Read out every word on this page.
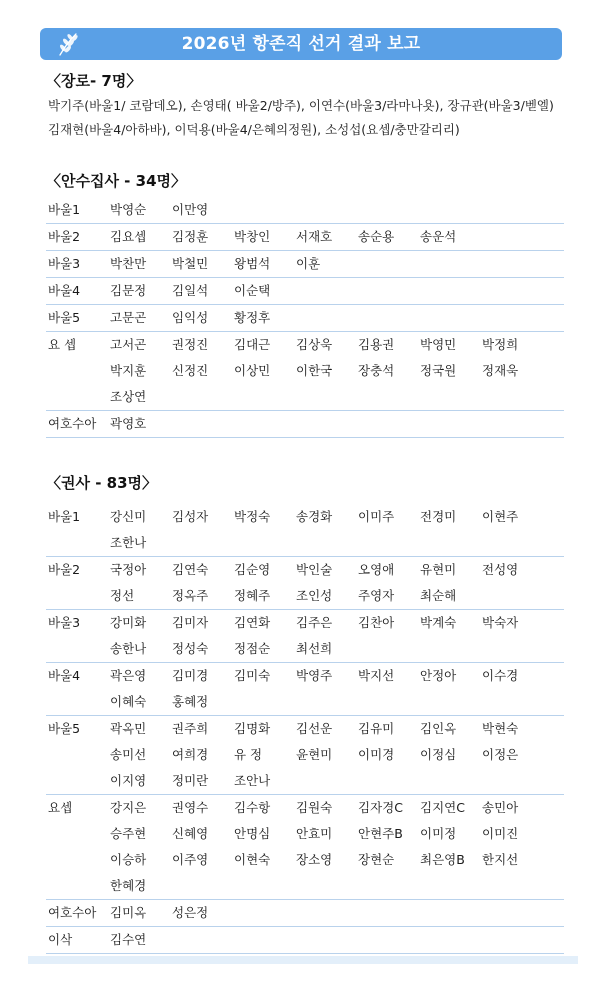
2026년 항존직 선거 결과 보고
〈장로- 7명〉
박기주(바울1/ 코람데오), 손영태( 바울2/방주), 이연수(바울3/라마나욧), 장규관(바울3/벧엘)
김재현(바울4/아하바), 이덕용(바울4/은혜의정원), 소성섭(요셉/충만갈리리)
〈안수집사 - 34명〉
바울1	박영순	이만영
바울2	김요셉	김정훈	박창인	서재호	송순용	송운석
바울3	박찬만	박철민	왕범석	이훈
바울4	김문정	김일석	이순택
바울5	고문곤	임익성	황정후
요 셉	고서곤	권정진	김대근	김상욱	김용권	박영민	박정희
박지훈	신정진	이상민	이한국	장충석	정국원	정재욱
조상연
여호수아	곽영호
〈권사 - 83명〉
바울1	강신미	김성자	박정숙	송경화	이미주	전경미	이현주
조한나
바울2	국정아	김연숙	김순영	박인술	오영애	유현미	전성영
정선	정옥주	정혜주	조인성	주영자	최순해
바울3	강미화	김미자	김연화	김주은	김찬아	박계숙	박숙자
송한나	정성숙	정점순	최선희
바울4	곽은영	김미경	김미숙	박영주	박지선	안정아	이수경
이혜숙	홍혜정
바울5	곽옥민	권주희	김명화	김선운	김유미	김인옥	박현숙
송미선	여희경	유 정	윤현미	이미경	이정심	이정은
이지영	정미란	조안나
요셉	강지은	권영수	김수항	김원숙	김자경C	김지연C	송민아
승주현	신혜영	안명심	안효미	안현주B	이미정	이미진
이승하	이주영	이현숙	장소영	장현순	최은영B	한지선
한혜경
여호수아	김미옥	성은정
이삭	김수연
